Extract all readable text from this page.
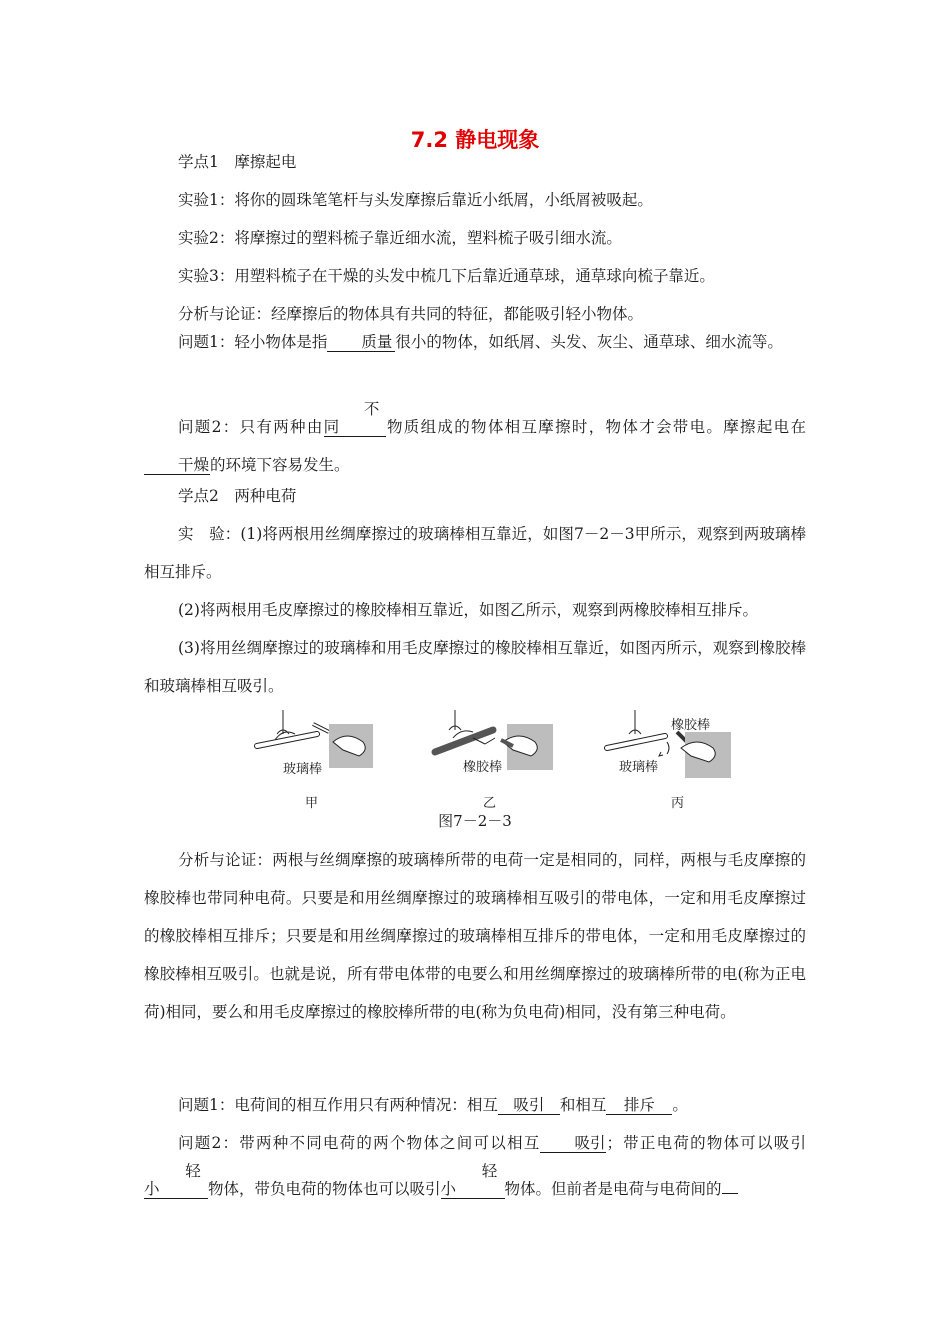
7.2 静电现象
学点1　摩擦起电
实验1：将你的圆珠笔笔杆与头发摩擦后靠近小纸屑，小纸屑被吸起。
实验2：将摩擦过的塑料梳子靠近细水流，塑料梳子吸引细水流。
实验3：用塑料梳子在干燥的头发中梳几下后靠近通草球，通草球向梳子靠近。
分析与论证：经摩擦后的物体具有共同的特征，都能吸引轻小物体。
问题1：轻小物体是指 质量 很小的物体，如纸屑、头发、灰尘、通草球、细水流等。
问题2：只有两种由不同	物质组成的物体相互摩擦时，物体才会带电。摩擦起电在干燥的环境下容易发生。
学点2　两种电荷
实　验：(1)将两根用丝绸摩擦过的玻璃棒相互靠近，如图7－2－3甲所示，观察到两玻璃棒相互排斥。
(2)将两根用毛皮摩擦过的橡胶棒相互靠近，如图乙所示，观察到两橡胶棒相互排斥。
(3)将用丝绸摩擦过的玻璃棒和用毛皮摩擦过的橡胶棒相互靠近，如图丙所示，观察到橡胶棒和玻璃棒相互吸引。
玻璃棒	橡胶棒	玻璃棒
橡胶棒
甲	乙	丙
图7－2－3
分析与论证：两根与丝绸摩擦的玻璃棒所带的电荷一定是相同的，同样，两根与毛皮摩擦的橡胶棒也带同种电荷。只要是和用丝绸摩擦过的玻璃棒相互吸引的带电体，一定和用毛皮摩擦过的橡胶棒相互排斥；只要是和用丝绸摩擦过的玻璃棒相互排斥的带电体，一定和用毛皮摩擦过的橡胶棒相互吸引。也就是说，所有带电体带的电要么和用丝绸摩擦过的玻璃棒所带的电(称为正电荷)相同，要么和用毛皮摩擦过的橡胶棒所带的电(称为负电荷)相同，没有第三种电荷。
问题1：电荷间的相互作用只有两种情况：相互 吸引 和相互 排斥 。
问题2：带两种不同电荷的两个物体之间可以相互 吸引；带正电荷的物体可以吸引轻小	物体，带负电荷的物体也可以吸引轻小	物体。但前者是电荷与电荷间的
